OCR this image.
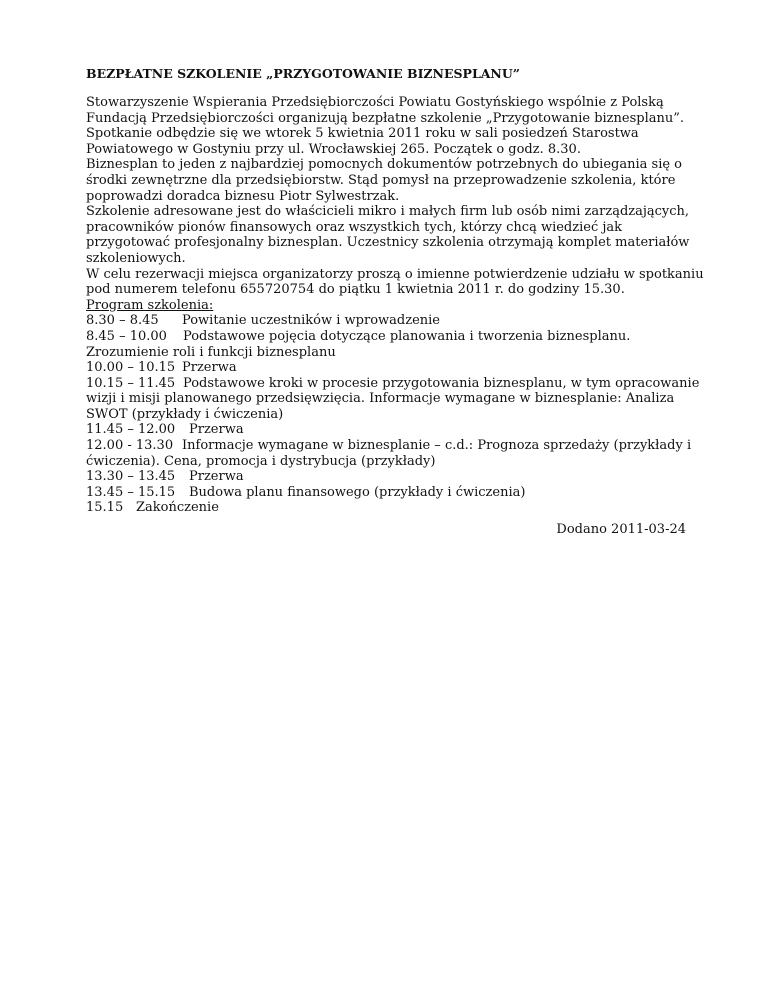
BEZPŁATNE SZKOLENIE „PRZYGOTOWANIE BIZNESPLANU”
Stowarzyszenie Wspierania Przedsiębiorczości Powiatu Gostyńskiego wspólnie z Polską
Fundacją Przedsiębiorczości organizują bezpłatne szkolenie „Przygotowanie biznesplanu”.
Spotkanie odbędzie się we wtorek 5 kwietnia 2011 roku w sali posiedzeń Starostwa
Powiatowego w Gostyniu przy ul. Wrocławskiej 265. Początek o godz. 8.30.
Biznesplan to jeden z najbardziej pomocnych dokumentów potrzebnych do ubiegania się o
środki zewnętrzne dla przedsiębiorstw. Stąd pomysł na przeprowadzenie szkolenia, które
poprowadzi doradca biznesu Piotr Sylwestrzak.
Szkolenie adresowane jest do właścicieli mikro i małych firm lub osób nimi zarządzających,
pracowników pionów finansowych oraz wszystkich tych, którzy chcą wiedzieć jak
przygotować profesjonalny biznesplan. Uczestnicy szkolenia otrzymają komplet materiałów
szkoleniowych.
W celu rezerwacji miejsca organizatorzy proszą o imienne potwierdzenie udziału w spotkaniu
pod numerem telefonu 655720754 do piątku 1 kwietnia 2011 r. do godziny 15.30.
Program szkolenia:
8.30 – 8.45 Powitanie uczestników i wprowadzenie
8.45 – 10.00 Podstawowe pojęcia dotyczące planowania i tworzenia biznesplanu.
Zrozumienie roli i funkcji biznesplanu
10.00 – 10.15 Przerwa
10.15 – 11.45 Podstawowe kroki w procesie przygotowania biznesplanu, w tym opracowanie
wizji i misji planowanego przedsięwzięcia. Informacje wymagane w biznesplanie: Analiza
SWOT (przykłady i ćwiczenia)
11.45 – 12.00 Przerwa
12.00 - 13.30 Informacje wymagane w biznesplanie – c.d.: Prognoza sprzedaży (przykłady i
ćwiczenia). Cena, promocja i dystrybucja (przykłady)
13.30 – 13.45 Przerwa
13.45 – 15.15 Budowa planu finansowego (przykłady i ćwiczenia)
15.15 Zakończenie
Dodano 2011-03-24
